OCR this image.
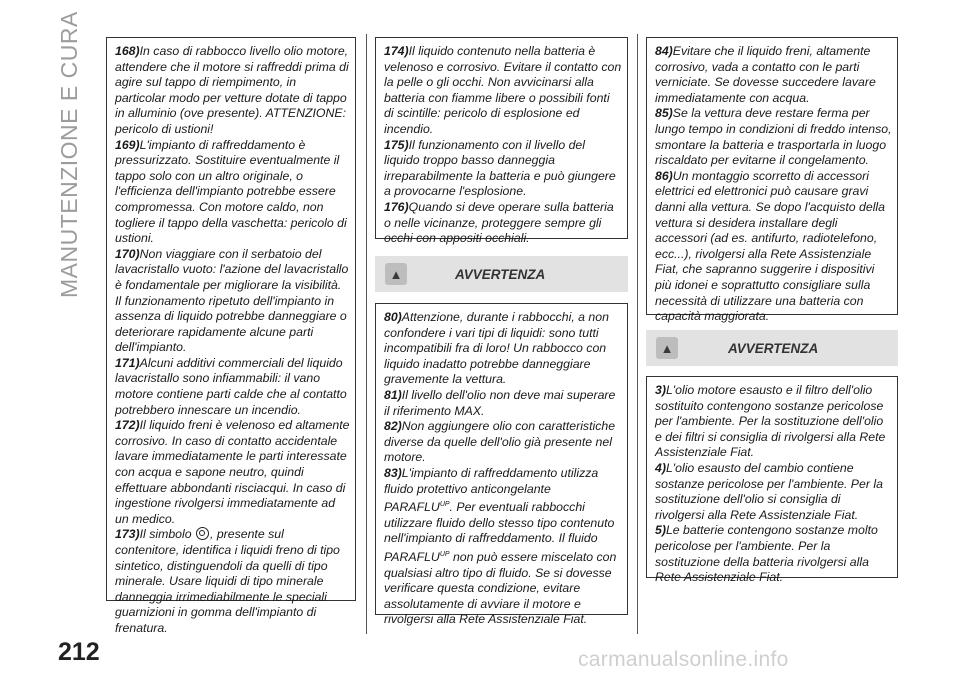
MANUTENZIONE E CURA	168)In caso di rabbocco livello olio motore, attendere che il motore si raffreddi prima di agire sul tappo di riempimento, in particolar modo per vetture dotate di tappo in alluminio (ove presente). ATTENZIONE: pericolo di ustioni!

169)L'impianto di raffreddamento è pressurizzato. Sostituire eventualmente il tappo solo con un altro originale, o l'efficienza dell'impianto potrebbe essere compromessa. Con motore caldo, non togliere il tappo della vaschetta: pericolo di ustioni.

170)Non viaggiare con il serbatoio del lavacristallo vuoto: l'azione del lavacristallo è fondamentale per migliorare la visibilità. Il funzionamento ripetuto dell'impianto in assenza di liquido potrebbe danneggiare o deteriorare rapidamente alcune parti dell'impianto.

171)Alcuni additivi commerciali del liquido lavacristallo sono infiammabili: il vano motore contiene parti calde che al contatto potrebbero innescare un incendio.

172)Il liquido freni è velenoso ed altamente corrosivo. In caso di contatto accidentale lavare immediatamente le parti interessate con acqua e sapone neutro, quindi effettuare abbondanti risciacqui. In caso di ingestione rivolgersi immediatamente ad un medico.

173)Il simbolo , presente sul contenitore, identifica i liquidi freno di tipo sintetico, distinguendoli da quelli di tipo minerale. Usare liquidi di tipo minerale danneggia irrimediabilmente le speciali guarnizioni in gomma dell'impianto di frenatura.

174)Il liquido contenuto nella batteria è velenoso e corrosivo. Evitare il contatto con la pelle o gli occhi. Non avvicinarsi alla batteria con fiamme libere o possibili fonti di scintille: pericolo di esplosione ed incendio.

175)Il funzionamento con il livello del liquido troppo basso danneggia irreparabilmente la batteria e può giungere a provocarne l'esplosione.

176)Quando si deve operare sulla batteria o nelle vicinanze, proteggere sempre gli occhi con appositi occhiali.

▲	AVVERTENZA

80)Attenzione, durante i rabbocchi, a non confondere i vari tipi di liquidi: sono tutti incompatibili fra di loro! Un rabbocco con liquido inadatto potrebbe danneggiare gravemente la vettura.

81)Il livello dell'olio non deve mai superare il riferimento MAX.

82)Non aggiungere olio con caratteristiche diverse da quelle dell'olio già presente nel motore.

83)L'impianto di raffreddamento utilizza fluido protettivo anticongelante $PARAFLU^{UP}$. Per eventuali rabbocchi utilizzare fluido dello stesso tipo contenuto nell'impianto di raffreddamento. Il fluido $PARAFLU^{UP}$ non può essere miscelato con qualsiasi altro tipo di fluido. Se si dovesse verificare questa condizione, evitare assolutamente di avviare il motore e rivolgersi alla Rete Assistenziale Fiat.

84)Evitare che il liquido freni, altamente corrosivo, vada a contatto con le parti verniciate. Se dovesse succedere lavare immediatamente con acqua.

85)Se la vettura deve restare ferma per lungo tempo in condizioni di freddo intenso, smontare la batteria e trasportarla in luogo riscaldato per evitarne il congelamento.

86)Un montaggio scorretto di accessori elettrici ed elettronici può causare gravi danni alla vettura. Se dopo l'acquisto della vettura si desidera installare degli accessori (ad es. antifurto, radiotelefono, ecc...), rivolgersi alla Rete Assistenziale Fiat, che sapranno suggerire i dispositivi più idonei e soprattutto consigliare sulla necessità di utilizzare una batteria con capacità maggiorata.

▲	AVVERTENZA

3)L'olio motore esausto e il filtro dell'olio sostituito contengono sostanze pericolose per l'ambiente. Per la sostituzione dell'olio e dei filtri si consiglia di rivolgersi alla Rete Assistenziale Fiat.

4)L'olio esausto del cambio contiene sostanze pericolose per l'ambiente. Per la sostituzione dell'olio si consiglia di rivolgersi alla Rete Assistenziale Fiat.

5)Le batterie contengono sostanze molto pericolose per l'ambiente. Per la sostituzione della batteria rivolgersi alla Rete Assistenziale Fiat.

212	carmanualsonline.info
